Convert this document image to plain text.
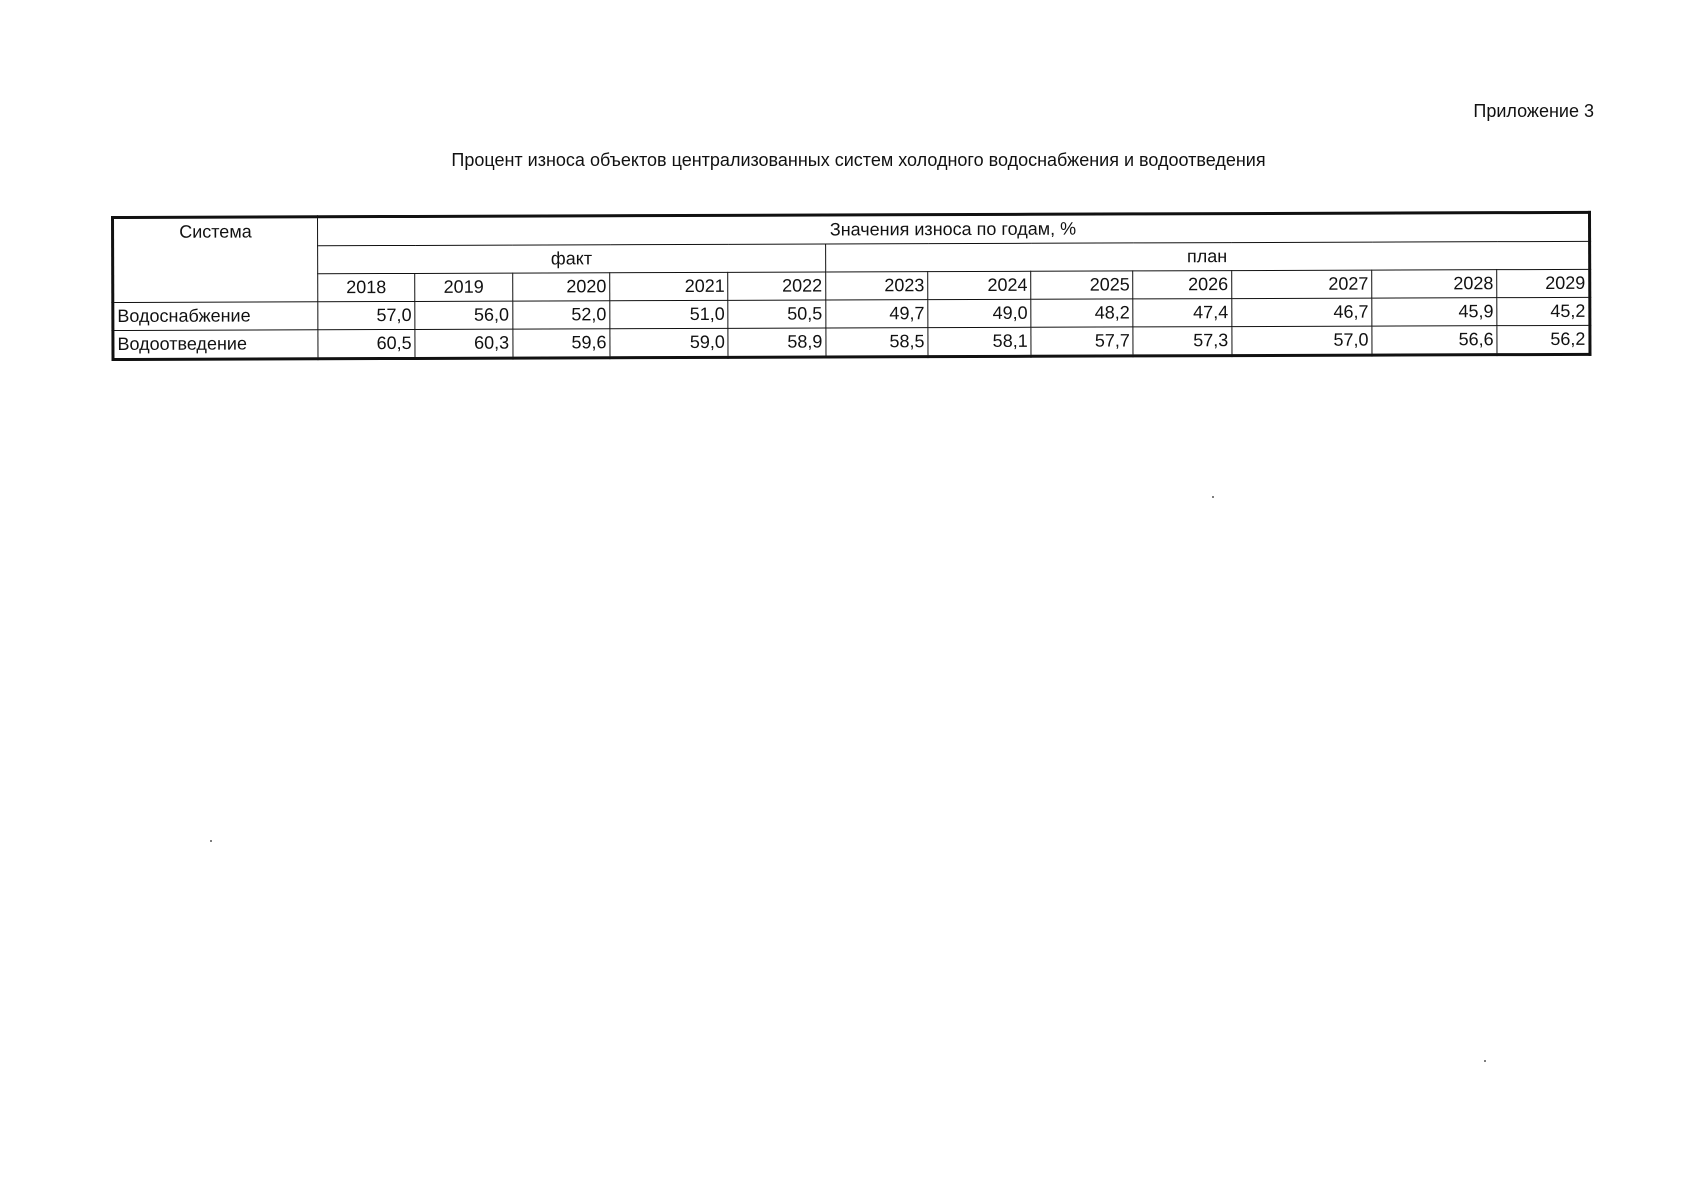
Приложение 3
Процент износа объектов централизованных систем холодного водоснабжения и водоотведения
Система	Значения износа по годам, %											
	факт					план						
	2018	2019	2020	2021	2022	2023	2024	2025	2026	2027	2028	2029
Водоснабжение	57,0	56,0	52,0	51,0	50,5	49,7	49,0	48,2	47,4	46,7	45,9	45,2
Водоотведение	60,5	60,3	59,6	59,0	58,9	58,5	58,1	57,7	57,3	57,0	56,6	56,2
